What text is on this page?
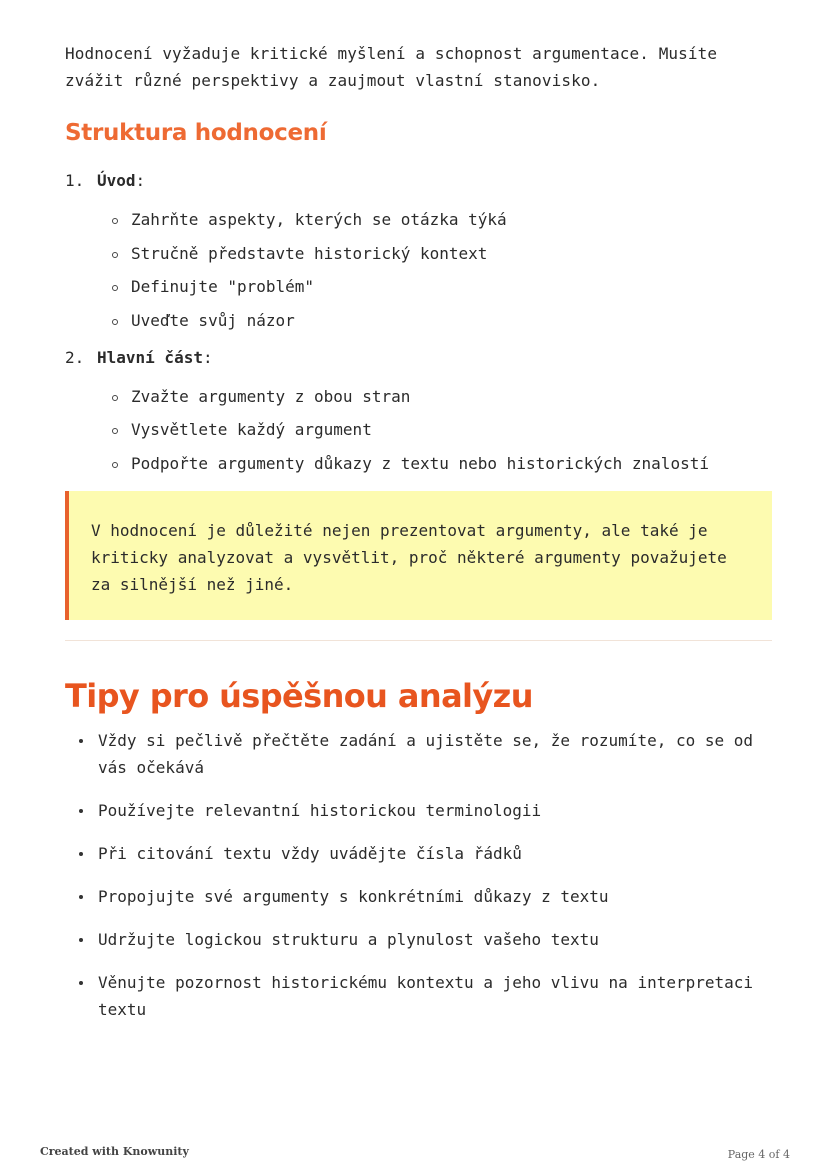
Hodnocení vyžaduje kritické myšlení a schopnost argumentace. Musíte zvážit různé perspektivy a zaujmout vlastní stanovisko.

Struktura hodnocení
1. Úvod:
Zahrňte aspekty, kterých se otázka týká
Stručně představte historický kontext
Definujte "problém"
Uveďte svůj názor
2. Hlavní část:
Zvažte argumenty z obou stran
Vysvětlete každý argument
Podpořte argumenty důkazy z textu nebo historických znalostí
V hodnocení je důležité nejen prezentovat argumenty, ale také je kriticky analyzovat a vysvětlit, proč některé argumenty považujete za silnější než jiné.
Tipy pro úspěšnou analýzu
Vždy si pečlivě přečtěte zadání a ujistěte se, že rozumíte, co se od vás očekává
Používejte relevantní historickou terminologii
Při citování textu vždy uvádějte čísla řádků
Propojujte své argumenty s konkrétními důkazy z textu
Udržujte logickou strukturu a plynulost vašeho textu
Věnujte pozornost historickému kontextu a jeho vlivu na interpretaci textu
Created with Knowunity	Page 4 of 4
